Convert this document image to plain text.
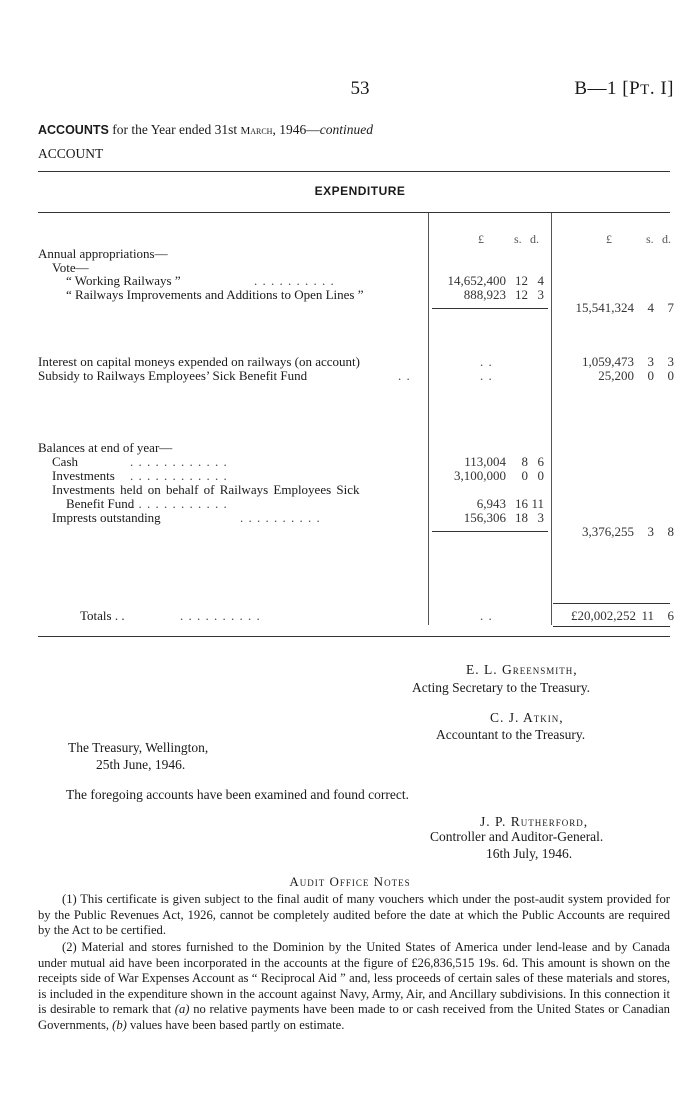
53	B—1 [PT. I]
ACCOUNTS for the Year ended 31st March, 1946—continued
ACCOUNT
EXPENDITURE
£	s. d.	£	s. d.
Annual appropriations—
Vote—
“ Working Railways ”	. . . . . . . . . .	14,652,400 12 4
“ Railways Improvements and Additions to Open Lines ”	888,923 12 3
15,541,324	4	7
Interest on capital moneys expended on railways (on account)	. .	1,059,473	3	3
Subsidy to Railways Employees’ Sick Benefit Fund	. .	. .	25,200	0	0
Balances at end of year—
Cash	. . . . . . . . . . . .	113,004	8 6
Investments . . . . . . . . . . . .	3,100,000	0 0
Investments held on behalf of Railways Employees Sick
Benefit Fund
. . . . . . . . . . . .	6,943 16 11
Imprests outstanding	. . . . . . . . . .	156,306 18 3
3,376,255	3	8
Totals . .	. . . . . . . . . .	. .	£20,002,252 11	6
E. L. Greensmith,
Acting Secretary to the Treasury.
C. J. Atkin,
Accountant to the Treasury.
The Treasury, Wellington,
25th June, 1946.
The foregoing accounts have been examined and found correct.
J. P. Rutherford,
Controller and Auditor-General.
16th July, 1946.
Audit Office Notes
(1) This certificate is given subject to the final audit of many vouchers which under the post-audit system provided for by the Public Revenues Act, 1926, cannot be completely audited before the date at which the Public Accounts are required by the Act to be certified.
(2) Material and stores furnished to the Dominion by the United States of America under lend-lease and by Canada under mutual aid have been incorporated in the accounts at the figure of £26,836,515 19s. 6d. This amount is shown on the receipts side of War Expenses Account as “ Reciprocal Aid ” and, less proceeds of certain sales of these materials and stores, is included in the expenditure shown in the account against Navy, Army, Air, and Ancillary subdivisions. In this connection it is desirable to remark that (a) no relative payments have been made to or cash received from the United States or Canadian Governments, (b) values have been based partly on estimate.
